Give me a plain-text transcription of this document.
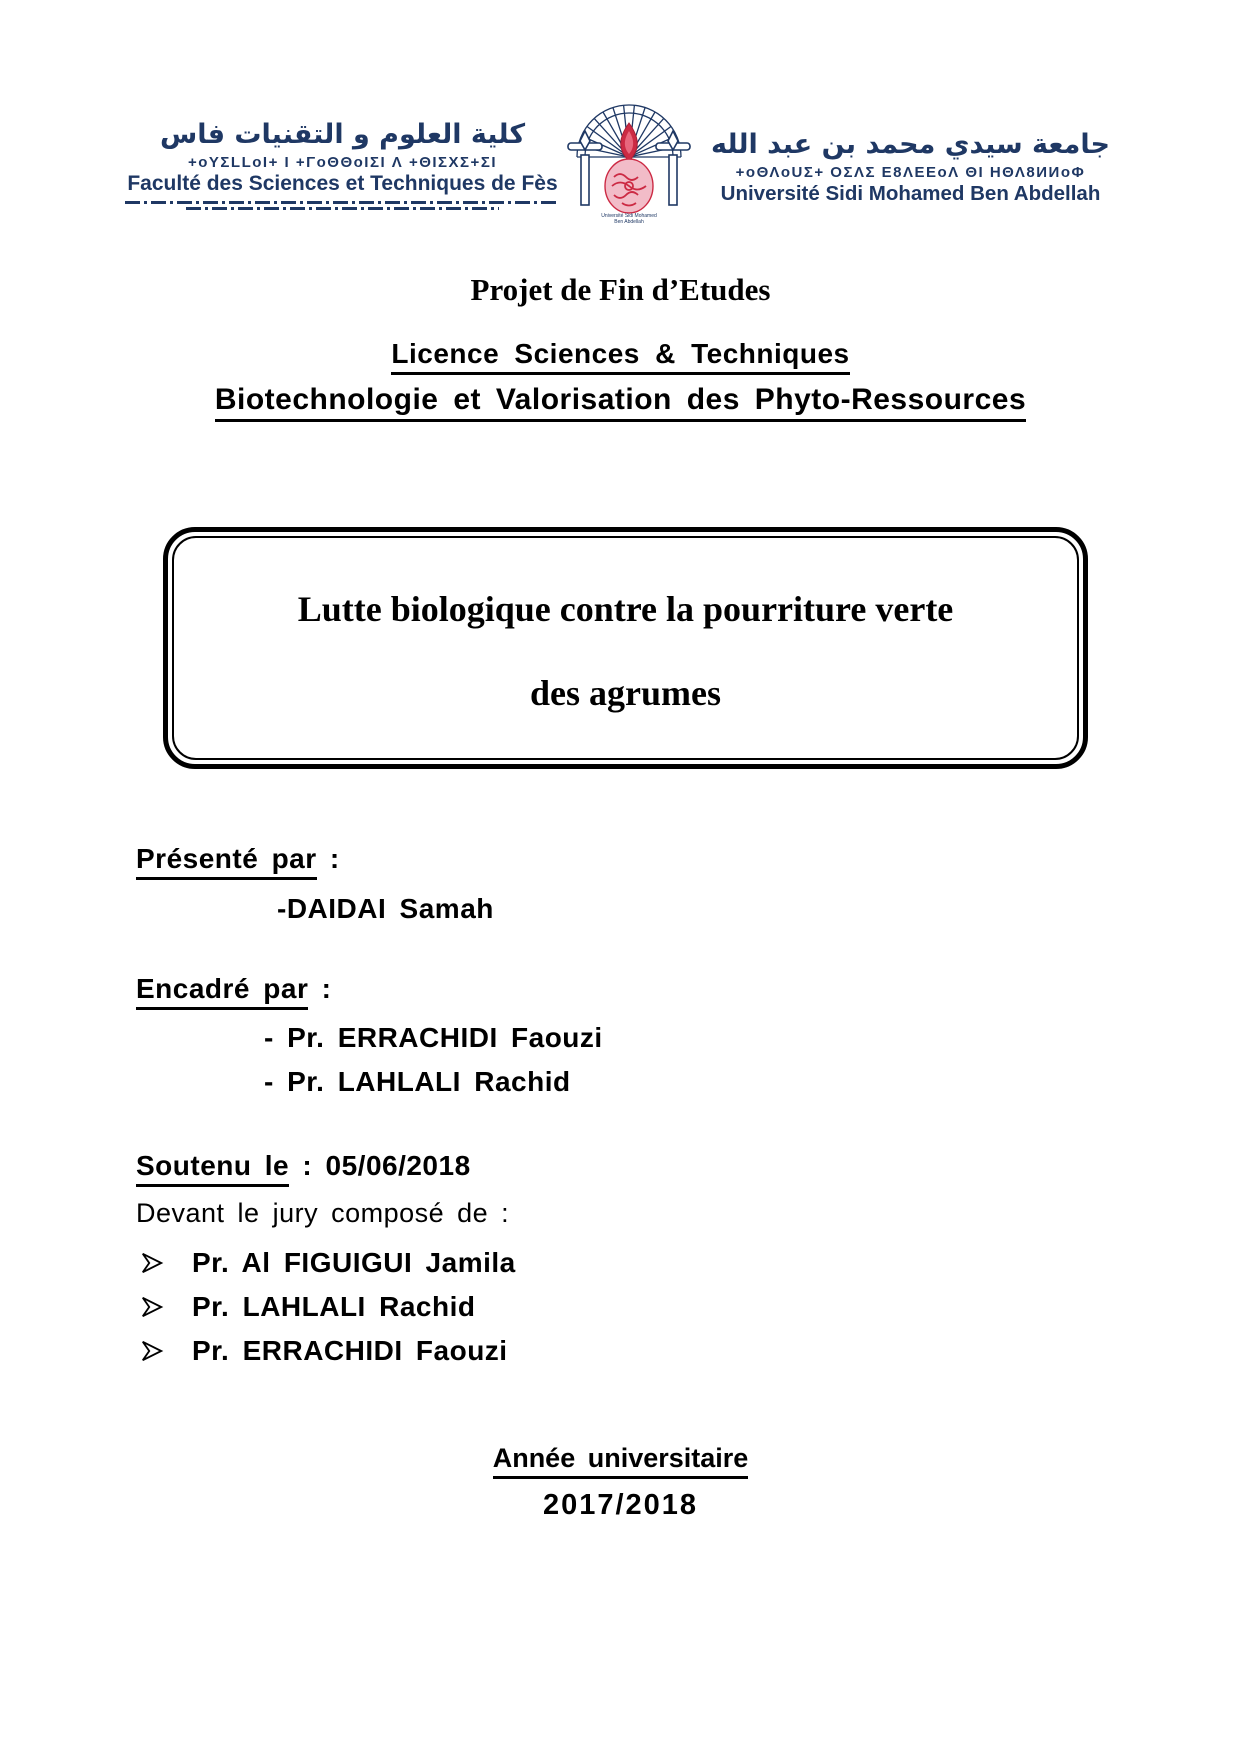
كلية العلوم و التقنيات فاس
+oΥΣLLoI+ I +ΓoΘΘoIΣI Λ +ΘIΣΧΣ+ΣI
Faculté des Sciences et Techniques de Fès
Université Sidi Mohamed
Ben Abdellah
جامعة سيدي محمد بن عبد الله
+oΘΛoUΣ+ ΟΣΛΣ Ε8ΛΕΕoΛ ΘΙ ΗΘΛ8ИИoΦ
Université Sidi Mohamed Ben Abdellah
Projet de Fin d’Etudes
Licence Sciences & Techniques
Biotechnologie et Valorisation des Phyto-Ressources
Lutte biologique contre la pourriture verte
des agrumes
Présenté par :
-DAIDAI Samah
Encadré par :
- Pr. ERRACHIDI Faouzi
- Pr. LAHLALI Rachid
Soutenu le : 05/06/2018
Devant le jury composé de :
Pr. Al FIGUIGUI Jamila
Pr. LAHLALI Rachid
Pr. ERRACHIDI Faouzi
Année universitaire
2017/2018
